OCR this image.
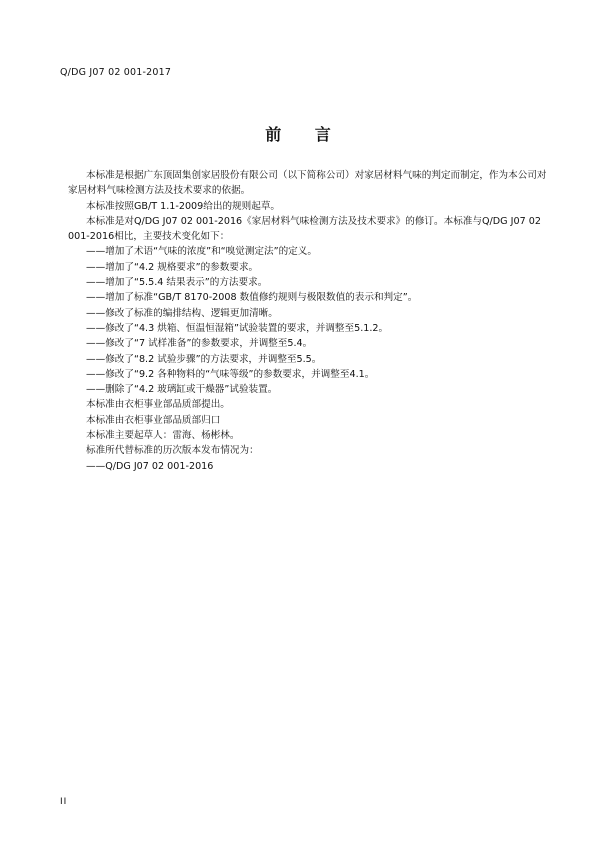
Q/DG J07 02 001-2017
前 言

本标准是根据广东顶固集创家居股份有限公司（以下简称公司）对家居材料气味的判定而制定，作为本公司对家居材料气味检测方法及技术要求的依据。

本标准按照GB/T 1.1-2009给出的规则起草。

本标准是对Q/DG J07 02 001-2016《家居材料气味检测方法及技术要求》的修订。本标准与Q/DG J07 02 001-2016相比，主要技术变化如下：

——增加了术语“气味的浓度”和“嗅觉测定法”的定义。

——增加了“4.2 规格要求”的参数要求。

——增加了“5.5.4 结果表示”的方法要求。

——增加了标准“GB/T 8170-2008 数值修约规则与极限数值的表示和判定”。

——修改了标准的编排结构、逻辑更加清晰。

——修改了“4.3 烘箱、恒温恒湿箱”试验装置的要求，并调整至5.1.2。

——修改了“7 试样准备”的参数要求，并调整至5.4。

——修改了“8.2 试验步骤”的方法要求，并调整至5.5。

——修改了“9.2 各种物料的“气味等级”的参数要求，并调整至4.1。

——删除了“4.2 玻璃缸或干燥器”试验装置。

本标准由衣柜事业部品质部提出。

本标准由衣柜事业部品质部归口

本标准主要起草人：雷海、杨彬林。

标准所代替标准的历次版本发布情况为：

——Q/DG J07 02 001-2016

II
